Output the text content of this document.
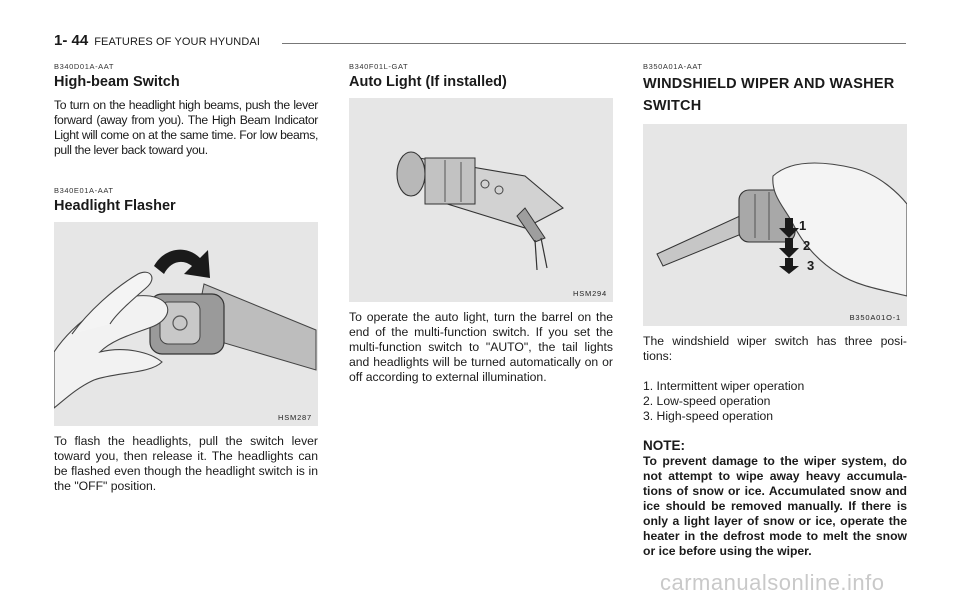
1- 44 FEATURES OF YOUR HYUNDAI

B340D01A-AAT

High-beam Switch

To turn on the headlight high beams, push the lever forward (away from you). The High Beam Indicator Light will come on at the same time. For low beams, pull the lever back toward you.

B340E01A-AAT

Headlight Flasher
HSM287

To flash the headlights, pull the switch lever toward you, then release it. The headlights can be flashed even though the headlight switch is in the "OFF" position.

B340F01L-GAT

Auto Light (If installed)
HSM294

To operate the auto light, turn the barrel on the end of the multi-function switch. If you set the multi-function switch to "AUTO", the tail lights and headlights will be turned automatically on or off according to external illumination.

B350A01A-AAT

WINDSHIELD WIPER AND WASHER SWITCH
1
2
3
B350A01O-1

The windshield wiper switch has three posi-tions:

1. Intermittent wiper operation
2. Low-speed operation
3. High-speed operation

NOTE:

To prevent damage to the wiper system, do not attempt to wipe away heavy accumula-tions of snow or ice. Accumulated snow and ice should be removed manually. If there is only a light layer of snow or ice, operate the heater in the defrost mode to melt the snow or ice before using the wiper.

carmanualsonline.info
